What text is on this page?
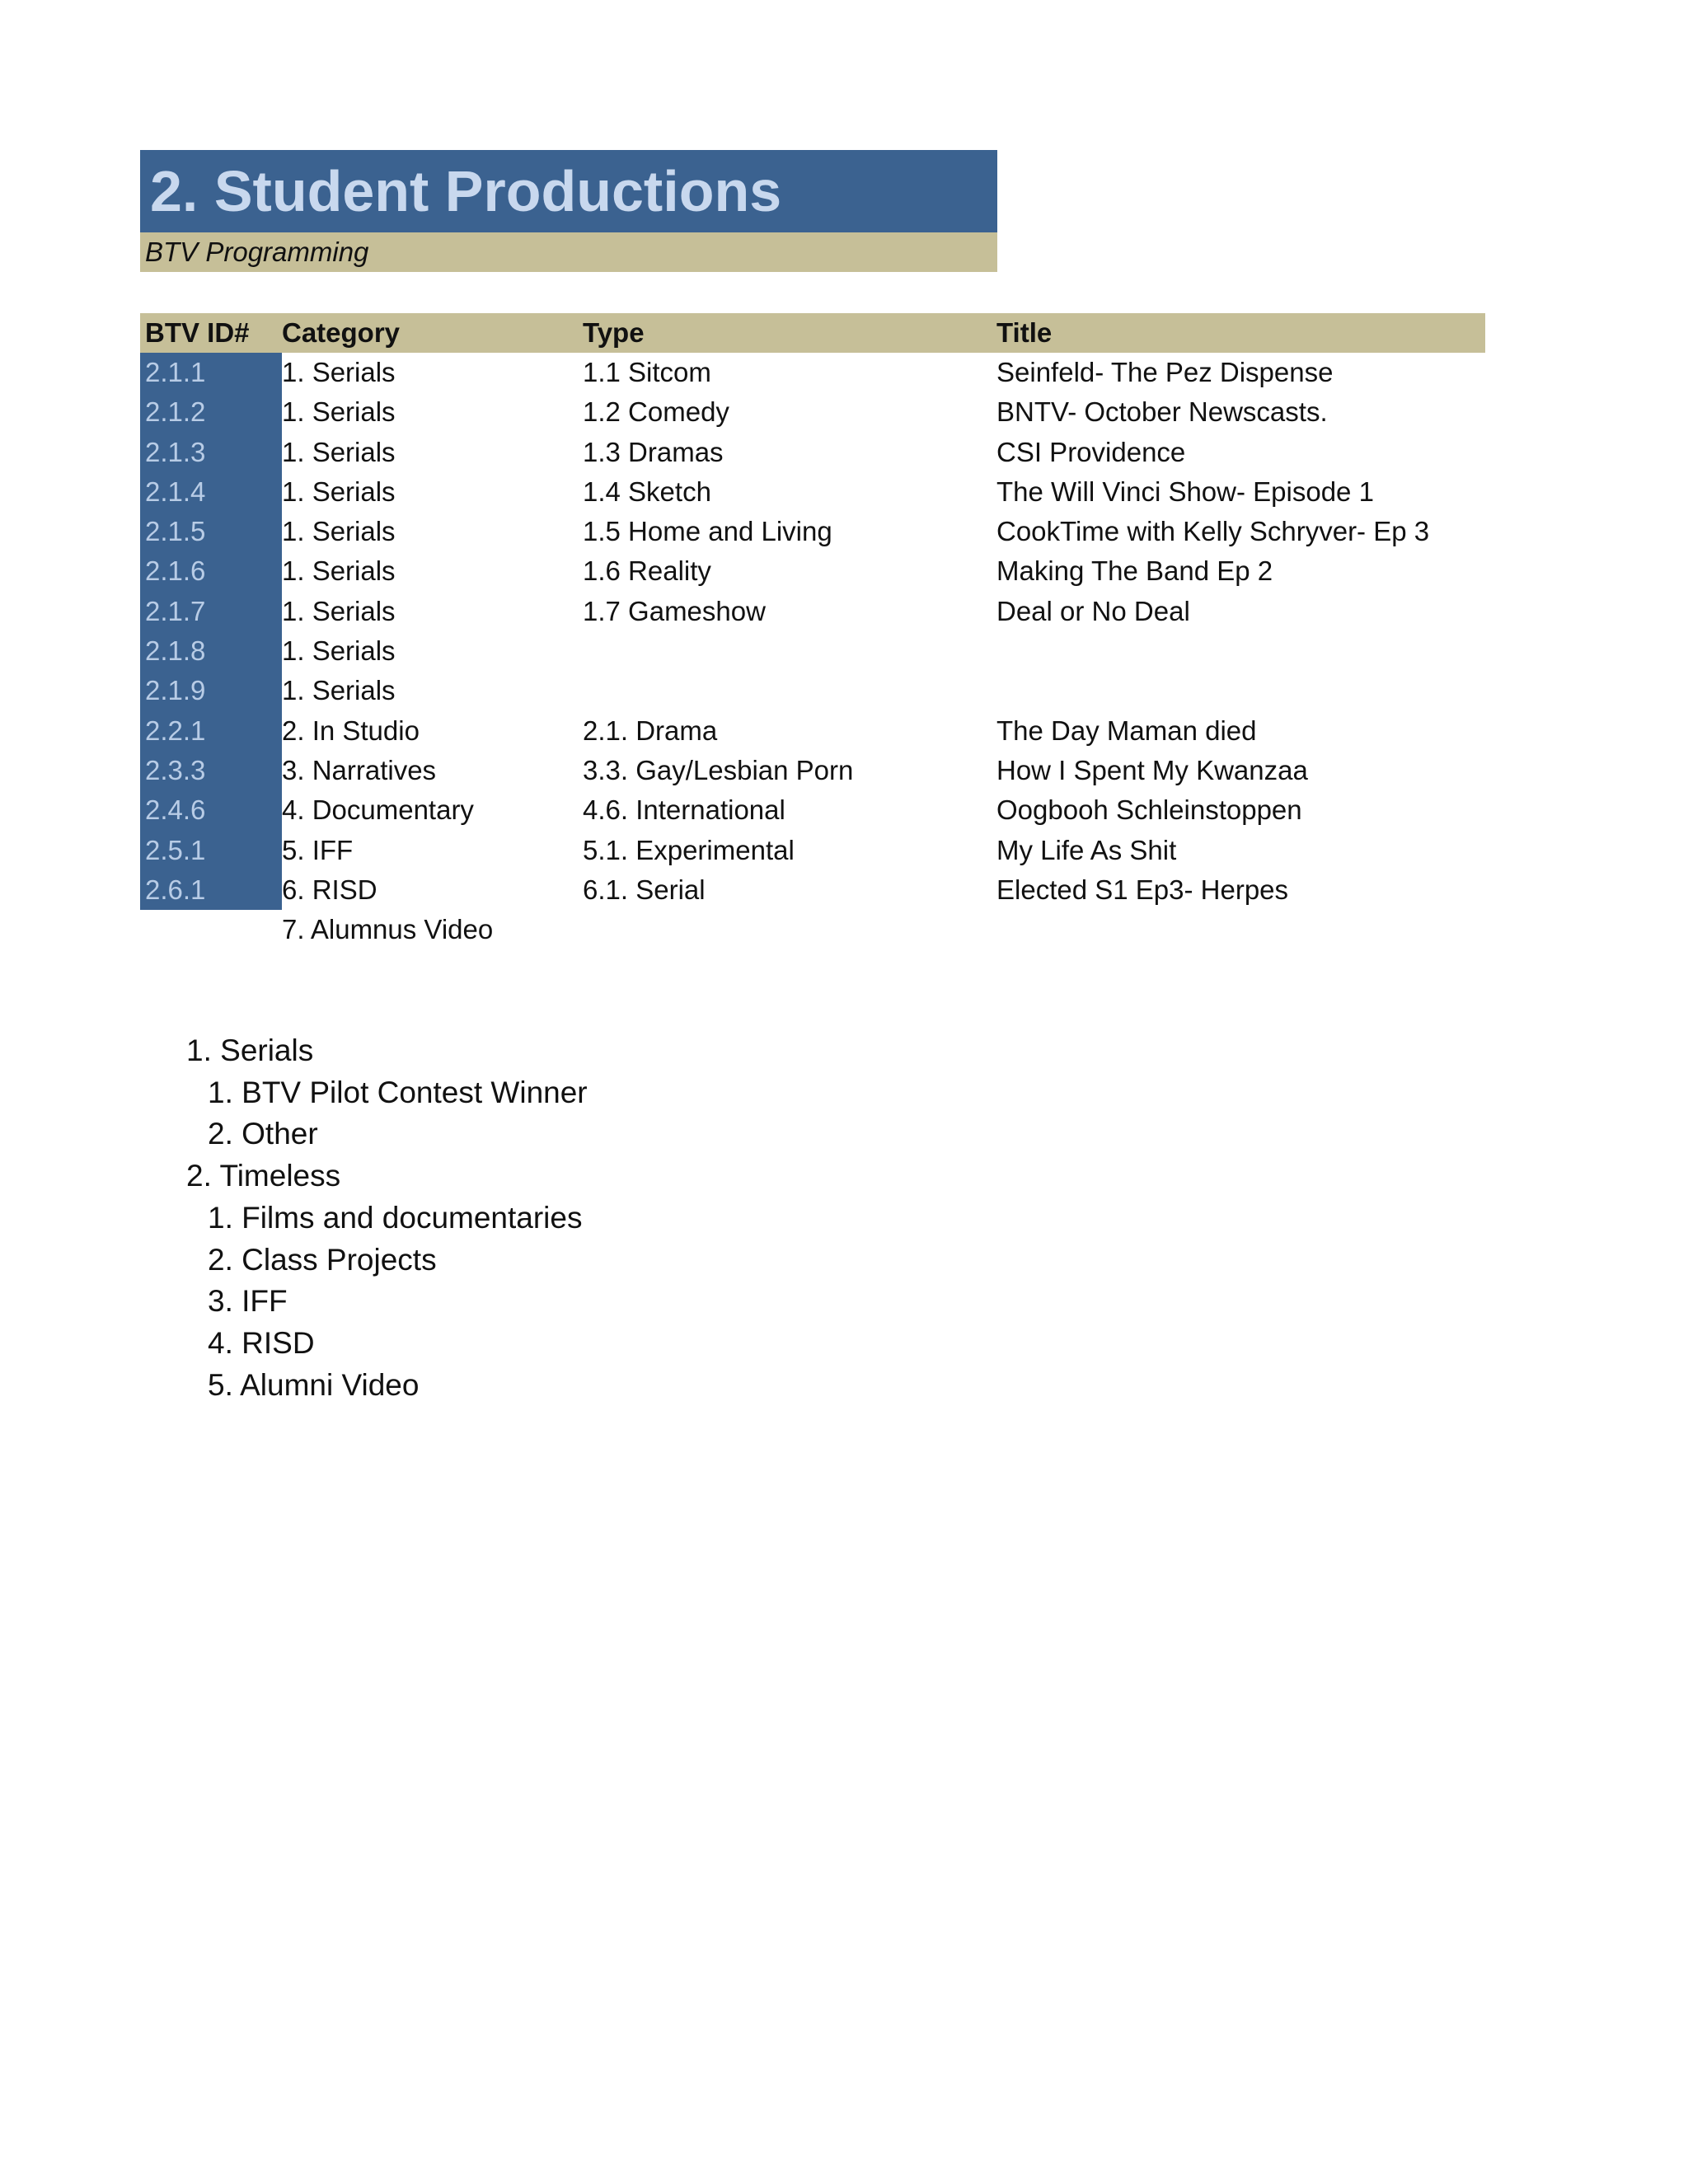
2. Student Productions
BTV Programming
BTV ID#	Category	Type	Title
2.1.1	1. Serials	1.1 Sitcom	Seinfeld- The Pez Dispense
2.1.2	1. Serials	1.2 Comedy	BNTV- October Newscasts.
2.1.3	1. Serials	1.3 Dramas	CSI Providence
2.1.4	1. Serials	1.4 Sketch	The Will Vinci Show- Episode 1
2.1.5	1. Serials	1.5 Home and Living	CookTime with Kelly Schryver- Ep 3
2.1.6	1. Serials	1.6 Reality	Making The Band Ep 2
2.1.7	1. Serials	1.7 Gameshow	Deal or No Deal
2.1.8	1. Serials
2.1.9	1. Serials
2.2.1	2. In Studio	2.1. Drama	The Day Maman died
2.3.3	3. Narratives	3.3. Gay/Lesbian Porn	How I Spent My Kwanzaa
2.4.6	4. Documentary	4.6. International	Oogbooh Schleinstoppen
2.5.1	5. IFF	5.1. Experimental	My Life As Shit
2.6.1	6. RISD	6.1. Serial	Elected S1 Ep3- Herpes
7. Alumnus Video
1. Serials
1. BTV Pilot Contest Winner
2. Other
2. Timeless
1. Films and documentaries
2. Class Projects
3. IFF
4. RISD
5. Alumni Video
